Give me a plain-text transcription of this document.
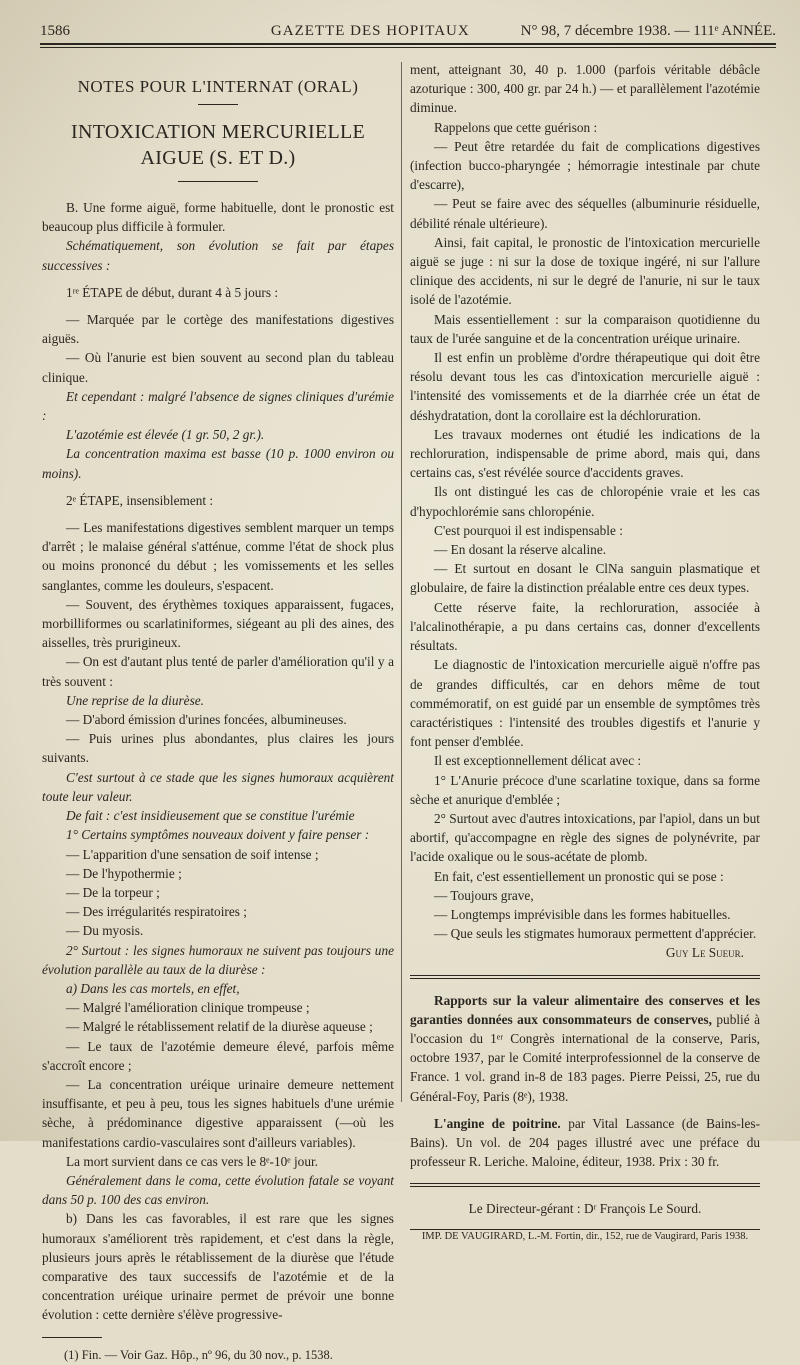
1586	GAZETTE DES HOPITAUX	N° 98, 7 décembre 1938. — 111ᵉ ANNÉE.
NOTES POUR L'INTERNAT (ORAL)
INTOXICATION MERCURIELLE AIGUE (S. ET D.)

B. Une forme aiguë, forme habituelle, dont le pronostic est beaucoup plus difficile à formuler.

Schématiquement, son évolution se fait par étapes successives :

1ʳᵉ ÉTAPE de début, durant 4 à 5 jours :

— Marquée par le cortège des manifestations digestives aiguës.

— Où l'anurie est bien souvent au second plan du tableau clinique.

Et cependant : malgré l'absence de signes cliniques d'urémie :

L'azotémie est élevée (1 gr. 50, 2 gr.).

La concentration maxima est basse (10 p. 1000 environ ou moins).

2ᵉ ÉTAPE, insensiblement :

— Les manifestations digestives semblent marquer un temps d'arrêt ; le malaise général s'atténue, comme l'état de shock plus ou moins prononcé du début ; les vomissements et les selles sanglantes, comme les douleurs, s'espacent.

— Souvent, des érythèmes toxiques apparaissent, fugaces, morbilliformes ou scarlatiniformes, siégeant au pli des aines, des aisselles, très prurigineux.

— On est d'autant plus tenté de parler d'amélioration qu'il y a très souvent :

Une reprise de la diurèse.

— D'abord émission d'urines foncées, albumineuses.

— Puis urines plus abondantes, plus claires les jours suivants.

C'est surtout à ce stade que les signes humoraux acquièrent toute leur valeur.

De fait : c'est insidieusement que se constitue l'urémie

1° Certains symptômes nouveaux doivent y faire penser :

— L'apparition d'une sensation de soif intense ;

— De l'hypothermie ;

— De la torpeur ;

— Des irrégularités respiratoires ;

— Du myosis.

2° Surtout : les signes humoraux ne suivent pas toujours une évolution parallèle au taux de la diurèse :

a) Dans les cas mortels, en effet,

— Malgré l'amélioration clinique trompeuse ;

— Malgré le rétablissement relatif de la diurèse aqueuse ;

— Le taux de l'azotémie demeure élevé, parfois même s'accroît encore ;

— La concentration uréique urinaire demeure nettement insuffisante, et peu à peu, tous les signes habituels d'une urémie sèche, à prédominance digestive apparaissent (—où les manifestations cardio-vasculaires sont d'ailleurs variables).

La mort survient dans ce cas vers le 8ᵉ-10ᵉ jour.

Généralement dans le coma, cette évolution fatale se voyant dans 50 p. 100 des cas environ.

b) Dans les cas favorables, il est rare que les signes humoraux s'améliorent très rapidement, et c'est dans la règle, plusieurs jours après le rétablissement de la diurèse que l'étude comparative des taux successifs de l'azotémie et de la concentration uréique urinaire permet de prévoir une bonne évolution : cette dernière s'élève progressive-

(1) Fin. — Voir Gaz. Hôp., nº 96, du 30 nov., p. 1538.

ment, atteignant 30, 40 p. 1.000 (parfois véritable débâcle azoturique : 300, 400 gr. par 24 h.) — et parallèlement l'azotémie diminue.

Rappelons que cette guérison :

— Peut être retardée du fait de complications digestives (infection bucco-pharyngée ; hémorragie intestinale par chute d'escarre),

— Peut se faire avec des séquelles (albuminurie résiduelle, débilité rénale ultérieure).

Ainsi, fait capital, le pronostic de l'intoxication mercurielle aiguë se juge : ni sur la dose de toxique ingéré, ni sur l'allure clinique des accidents, ni sur le degré de l'anurie, ni sur le taux isolé de l'azotémie.

Mais essentiellement : sur la comparaison quotidienne du taux de l'urée sanguine et de la concentration uréique urinaire.

Il est enfin un problème d'ordre thérapeutique qui doit être résolu devant tous les cas d'intoxication mercurielle aiguë : l'intensité des vomissements et de la diarrhée crée un état de déshydratation, dont la corollaire est la déchloruration.

Les travaux modernes ont étudié les indications de la rechloruration, indispensable de prime abord, mais qui, dans certains cas, s'est révélée source d'accidents graves.

Ils ont distingué les cas de chloropénie vraie et les cas d'hypochlorémie sans chloropénie.

C'est pourquoi il est indispensable :

— En dosant la réserve alcaline.

— Et surtout en dosant le ClNa sanguin plasmatique et globulaire, de faire la distinction préalable entre ces deux types.

Cette réserve faite, la rechloruration, associée à l'alcalinothérapie, a pu dans certains cas, donner d'excellents résultats.

Le diagnostic de l'intoxication mercurielle aiguë n'offre pas de grandes difficultés, car en dehors même de tout commémoratif, on est guidé par un ensemble de symptômes très caractéristiques : l'intensité des troubles digestifs et l'anurie y font penser d'emblée.

Il est exceptionnellement délicat avec :

1° L'Anurie précoce d'une scarlatine toxique, dans sa forme sèche et anurique d'emblée ;

2° Surtout avec d'autres intoxications, par l'apiol, dans un but abortif, qu'accompagne en règle des signes de polynévrite, par l'acide oxalique ou le sous-acétate de plomb.

En fait, c'est essentiellement un pronostic qui se pose :

— Toujours grave,

— Longtemps imprévisible dans les formes habituelles.

— Que seuls les stigmates humoraux permettent d'apprécier.

Guy Le Sueur.

Rapports sur la valeur alimentaire des conserves et les garanties données aux consommateurs de conserves, publié à l'occasion du 1ᵉʳ Congrès international de la conserve, Paris, octobre 1937, par le Comité interprofessionnel de la conserve de France. 1 vol. grand in-8 de 183 pages. Pierre Peissi, 25, rue du Général-Foy, Paris (8ᵉ), 1938.

L'angine de poitrine. par Vital Lassance (de Bains-les-Bains). Un vol. de 204 pages illustré avec une préface du professeur R. Leriche. Maloine, éditeur, 1938. Prix : 30 fr.

Le Directeur-gérant : Dʳ François Le Sourd.

IMP. DE VAUGIRARD, L.-M. Fortin, dir., 152, rue de Vaugirard, Paris 1938.
